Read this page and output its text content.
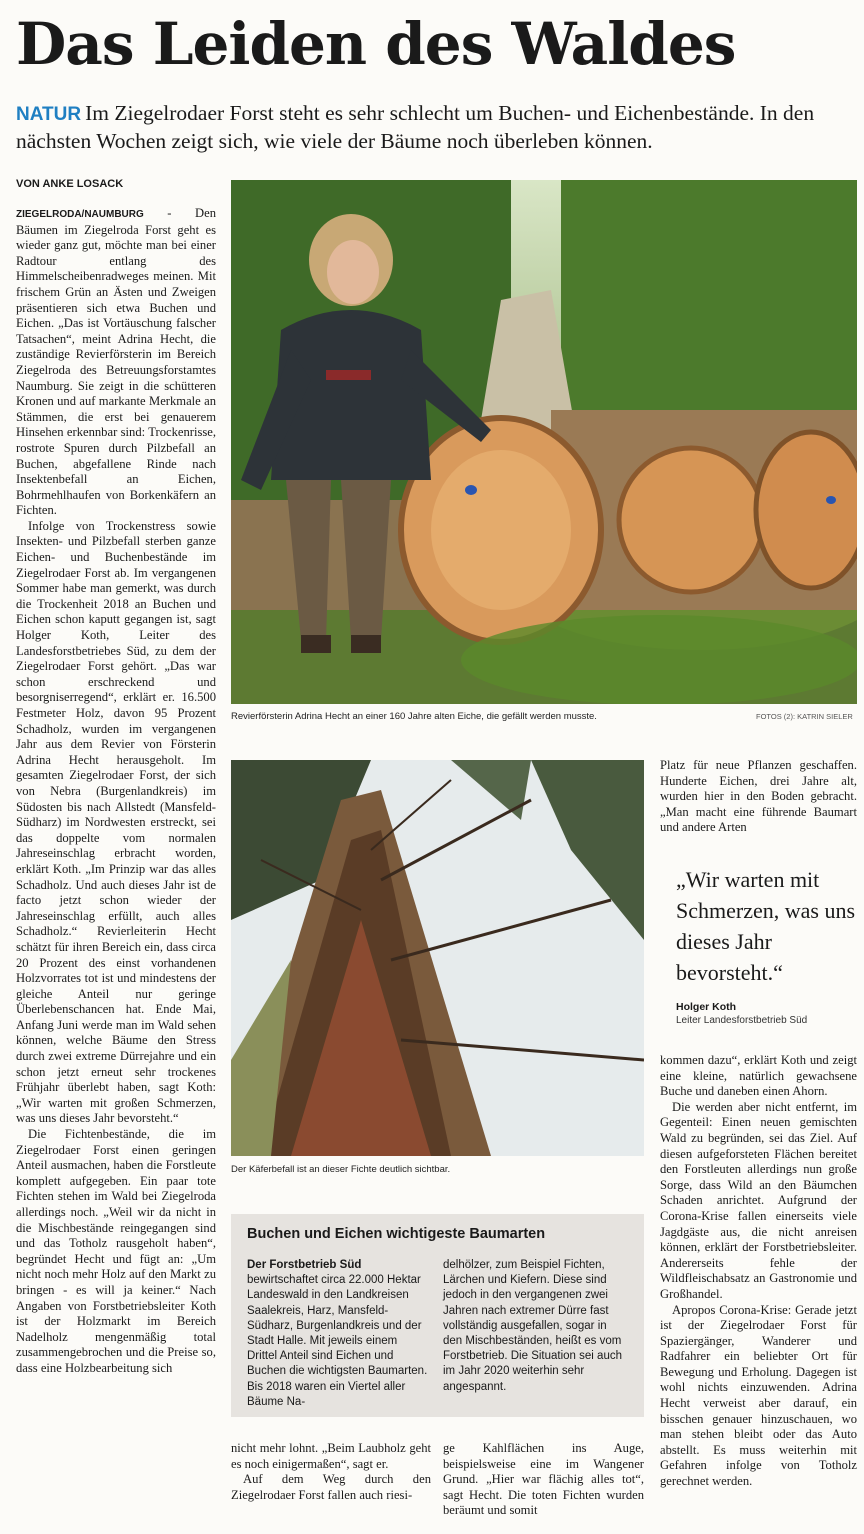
Das Leiden des Waldes
NATUR Im Ziegelrodaer Forst steht es sehr schlecht um Buchen- und Eichenbestände. In den nächsten Wochen zeigt sich, wie viele der Bäume noch überleben können.
VON ANKE LOSACK

ZIEGELRODA/NAUMBURG - Den Bäumen im Ziegelroda Forst geht es wieder ganz gut, möchte man bei einer Radtour entlang des Himmelscheibenradweges meinen. Mit frischem Grün an Ästen und Zweigen präsentieren sich etwa Buchen und Eichen. „Das ist Vortäuschung falscher Tatsachen“, meint Adrina Hecht, die zuständige Revierförsterin im Bereich Ziegelroda des Betreuungsforstamtes Naumburg. Sie zeigt in die schütteren Kronen und auf markante Merkmale an Stämmen, die erst bei genauerem Hinsehen erkennbar sind: Trockenrisse, rostrote Spuren durch Pilzbefall an Buchen, abgefallene Rinde nach Insektenbefall an Eichen, Bohrmehlhaufen von Borkenkäfern an Fichten.

Infolge von Trockenstress sowie Insekten- und Pilzbefall sterben ganze Eichen- und Buchenbestände im Ziegelrodaer Forst ab. Im vergangenen Sommer habe man gemerkt, was durch die Trockenheit 2018 an Buchen und Eichen schon kaputt gegangen ist, sagt Holger Koth, Leiter des Landesforstbetriebes Süd, zu dem der Ziegelrodaer Forst gehört. „Das war schon erschreckend und besorgniserregend“, erklärt er. 16.500 Festmeter Holz, davon 95 Prozent Schadholz, wurden im vergangenen Jahr aus dem Revier von Försterin Adrina Hecht herausgeholt. Im gesamten Ziegelrodaer Forst, der sich von Nebra (Burgenlandkreis) im Südosten bis nach Allstedt (Mansfeld-Südharz) im Nordwesten erstreckt, sei das doppelte vom normalen Jahreseinschlag erbracht worden, erklärt Koth. „Im Prinzip war das alles Schadholz. Und auch dieses Jahr ist de facto jetzt schon wieder der Jahreseinschlag erfüllt, auch alles Schadholz.“ Revierleiterin Hecht schätzt für ihren Bereich ein, dass circa 20 Prozent des einst vorhandenen Holzvorrates tot ist und mindestens der gleiche Anteil nur geringe Überlebenschancen hat. Ende Mai, Anfang Juni werde man im Wald sehen können, welche Bäume den Stress durch zwei extreme Dürrejahre und ein schon jetzt erneut sehr trockenes Frühjahr überlebt haben, sagt Koth: „Wir warten mit großen Schmerzen, was uns dieses Jahr bevorsteht.“

Die Fichtenbestände, die im Ziegelrodaer Forst einen geringen Anteil ausmachen, haben die Forstleute komplett aufgegeben. Ein paar tote Fichten stehen im Wald bei Ziegelroda allerdings noch. „Weil wir da nicht in die Mischbestände reingegangen sind und das Totholz rausgeholt haben“, begründet Hecht und fügt an: „Um nicht noch mehr Holz auf den Markt zu bringen - es will ja keiner.“ Nach Angaben von Forstbetriebsleiter Koth ist der Holzmarkt im Bereich Nadelholz mengenmäßig total zusammengebrochen und die Preise so, dass eine Holzbearbeitung sich

Revierförsterin Adrina Hecht an einer 160 Jahre alten Eiche, die gefällt werden musste.	FOTOS (2): KATRIN SIELER
Der Käferbefall ist an dieser Fichte deutlich sichtbar.
„Wir warten mit Schmerzen, was uns dieses Jahr bevorsteht.“
Holger Koth
Leiter Landesforstbetrieb Süd

Platz für neue Pflanzen geschaffen. Hunderte Eichen, drei Jahre alt, wurden hier in den Boden gebracht. „Man macht eine führende Baumart und andere Arten

kommen dazu“, erklärt Koth und zeigt eine kleine, natürlich gewachsene Buche und daneben einen Ahorn.

Die werden aber nicht entfernt, im Gegenteil: Einen neuen gemischten Wald zu begründen, sei das Ziel. Auf diesen aufgeforsteten Flächen bereitet den Forstleuten allerdings nun große Sorge, dass Wild an den Bäumchen Schaden anrichtet. Aufgrund der Corona-Krise fallen einerseits viele Jagdgäste aus, die nicht anreisen können, erklärt der Forstbetriebsleiter. Andererseits fehle der Wildfleischabsatz an Gastronomie und Großhandel.

Apropos Corona-Krise: Gerade jetzt ist der Ziegelrodaer Forst für Spaziergänger, Wanderer und Radfahrer ein beliebter Ort für Bewegung und Erholung. Dagegen ist wohl nichts einzuwenden. Adrina Hecht verweist aber darauf, ein bisschen genauer hinzuschauen, wo man stehen bleibt oder das Auto abstellt. Es muss weiterhin mit Gefahren infolge von Totholz gerechnet werden.

Buchen und Eichen wichtigeste Baumarten
Der Forstbetrieb Süd bewirtschaftet circa 22.000 Hektar Landeswald in den Landkreisen Saalekreis, Harz, Mansfeld-Südharz, Burgenlandkreis und der Stadt Halle. Mit jeweils einem Drittel Anteil sind Eichen und Buchen die wichtigsten Baumarten. Bis 2018 waren ein Viertel aller Bäume Na-
delhölzer, zum Beispiel Fichten, Lärchen und Kiefern. Diese sind jedoch in den vergangenen zwei Jahren nach extremer Dürre fast vollständig ausgefallen, sogar in den Mischbeständen, heißt es vom Forstbetrieb. Die Situation sei auch im Jahr 2020 weiterhin sehr angespannt.

nicht mehr lohnt. „Beim Laubholz geht es noch einigermaßen“, sagt er.

Auf dem Weg durch den Ziegelrodaer Forst fallen auch riesi-

ge Kahlflächen ins Auge, beispielsweise eine im Wangener Grund. „Hier war flächig alles tot“, sagt Hecht. Die toten Fichten wurden beräumt und somit
